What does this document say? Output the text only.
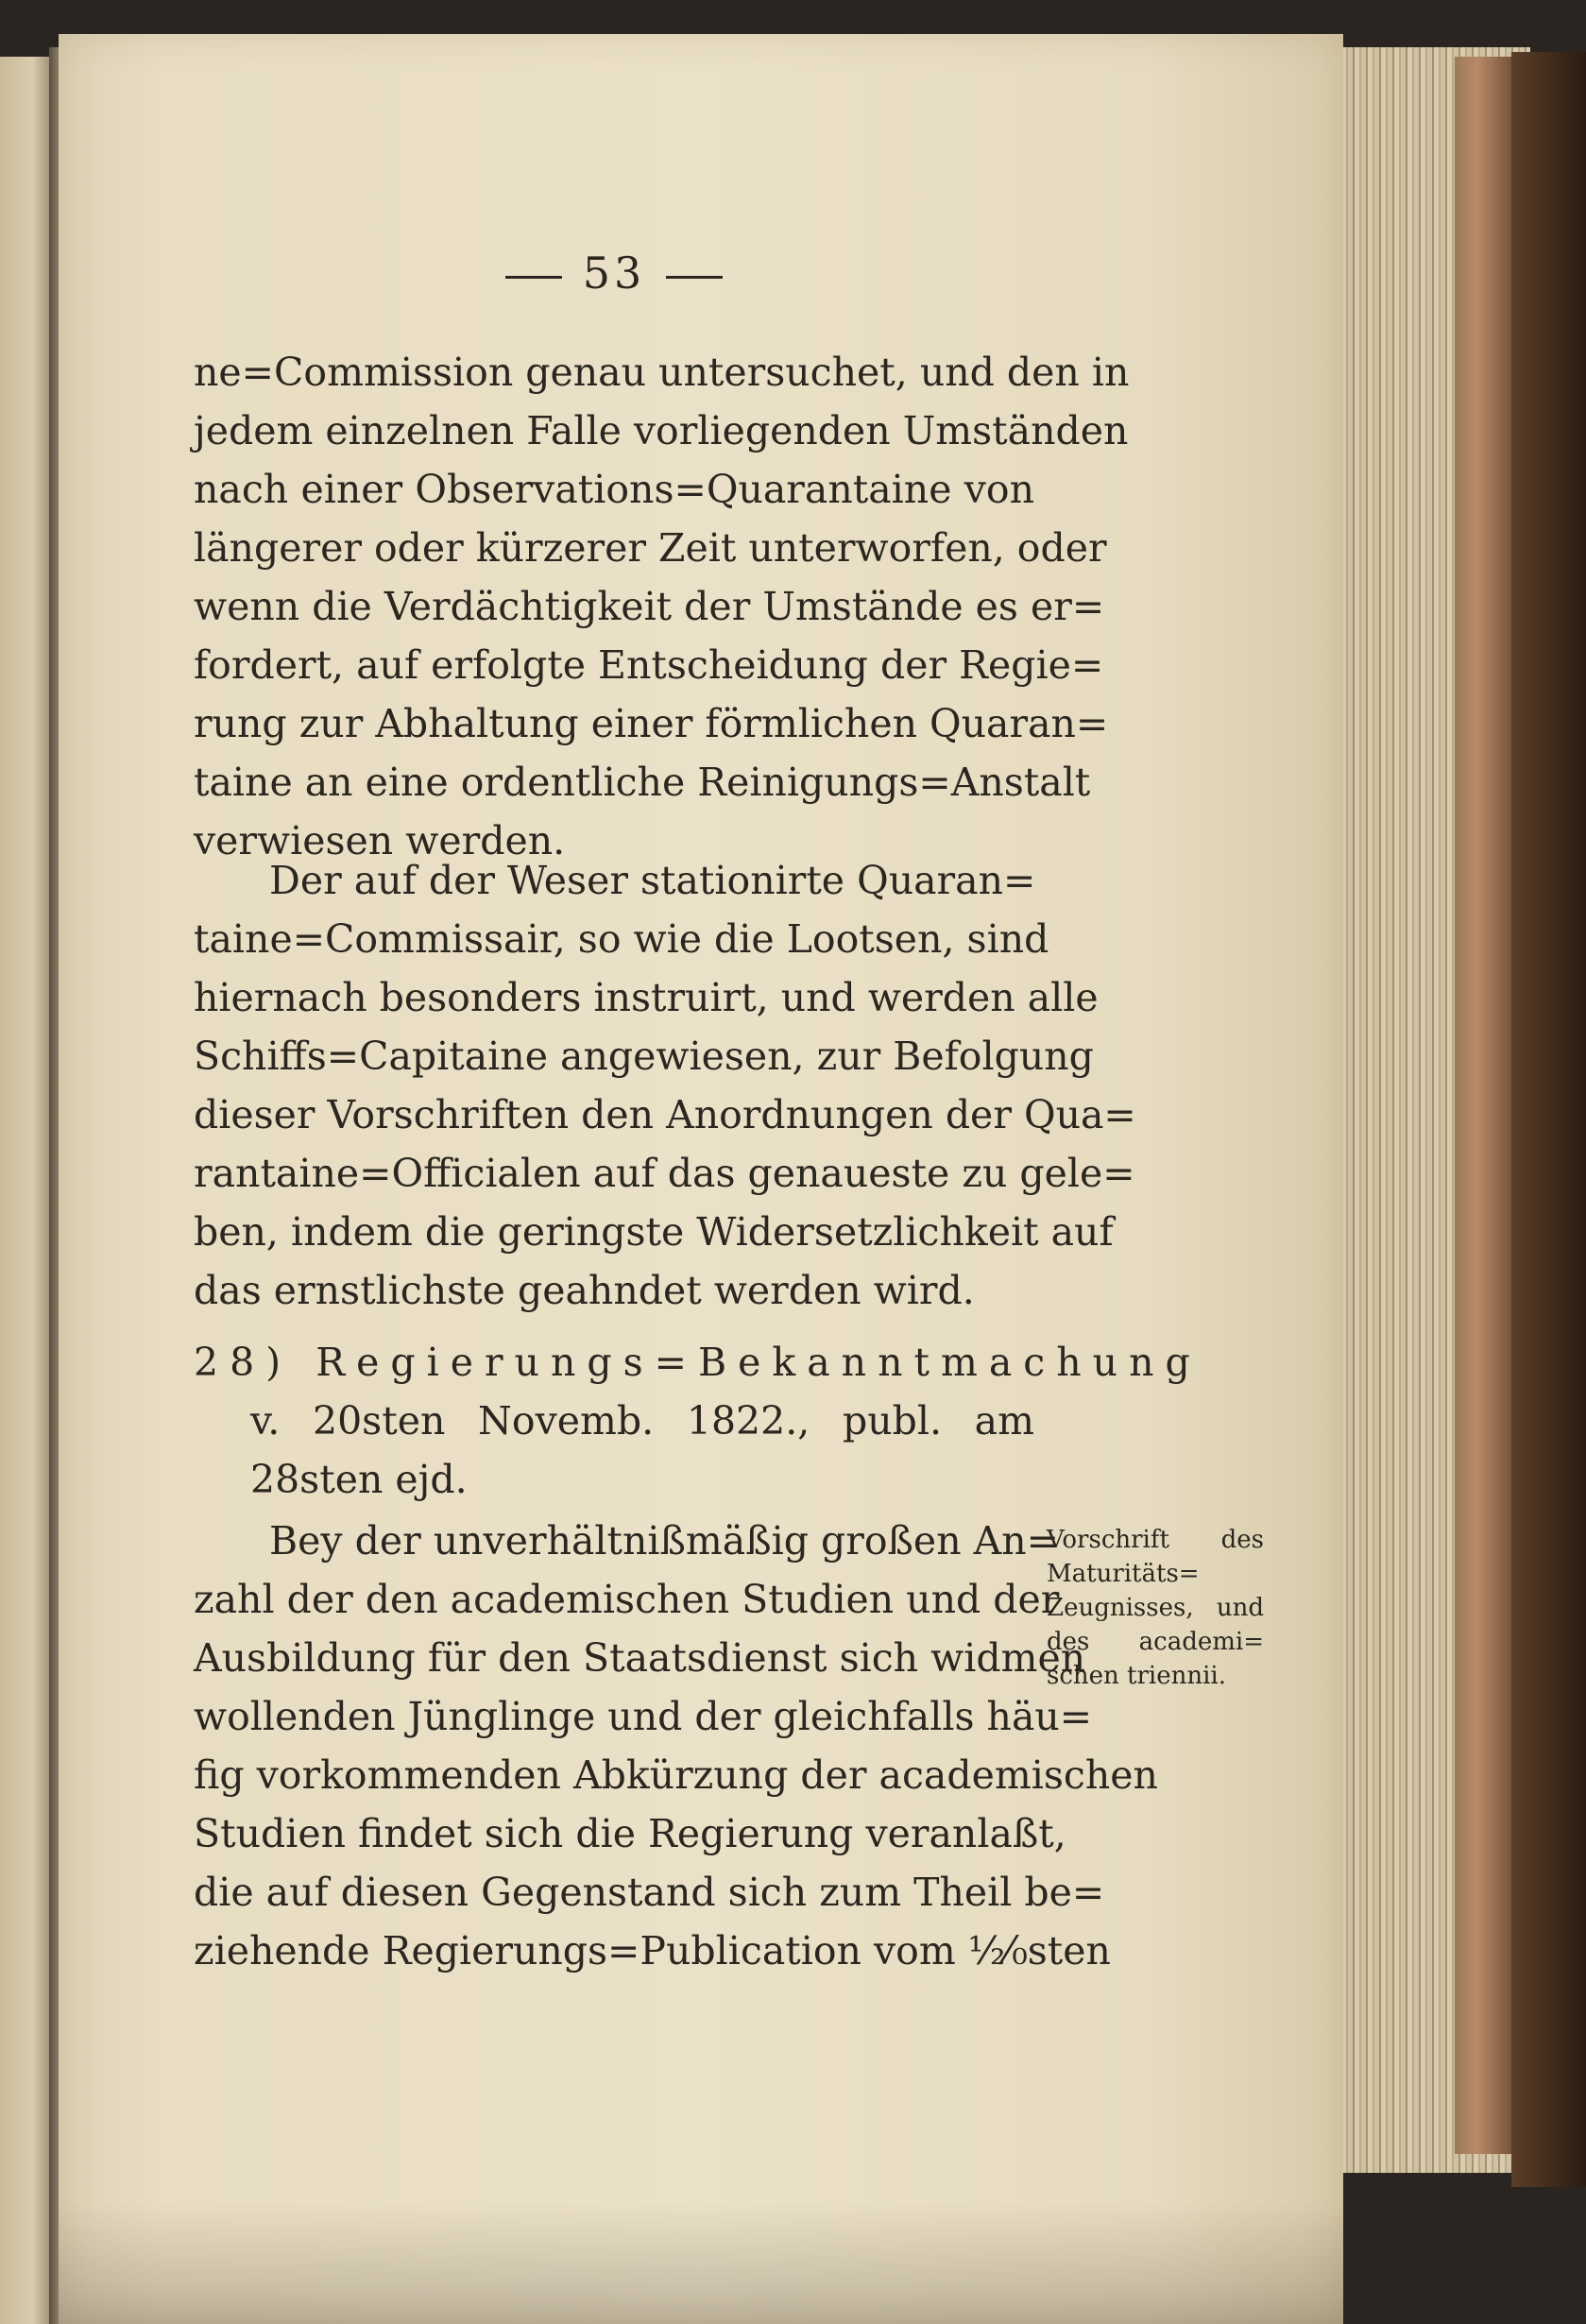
53
ne=Commission genau untersuchet, und den in
jedem einzelnen Falle vorliegenden Umständen
nach einer Observations=Quarantaine von
längerer oder kürzerer Zeit unterworfen, oder
wenn die Verdächtigkeit der Umstände es er=
fordert, auf erfolgte Entscheidung der Regie=
rung zur Abhaltung einer förmlichen Quaran=
taine an eine ordentliche Reinigungs=Anstalt
verwiesen werden.
Der auf der Weser stationirte Quaran=
taine=Commissair, so wie die Lootsen, sind
hiernach besonders instruirt, und werden alle
Schiffs=Capitaine angewiesen, zur Befolgung
dieser Vorschriften den Anordnungen der Qua=
rantaine=Officialen auf das genaueste zu gele=
ben, indem die geringste Widersetzlichkeit auf
das ernstlichste geahndet werden wird.
28) Regierungs=Bekanntmachung
v. 20sten Novemb. 1822., publ. am
28sten ejd.
Bey der unverhältnißmäßig großen An=
zahl der den academischen Studien und der
Ausbildung für den Staatsdienst sich widmen
wollenden Jünglinge und der gleichfalls häu=
fig vorkommenden Abkürzung der academischen
Studien findet sich die Regierung veranlaßt,
die auf diesen Gegenstand sich zum Theil be=
ziehende Regierungs=Publication vom ½⁄₀sten
Vorschrift des
Maturitäts=
Zeugnisses, und
des academi=
schen triennii.
